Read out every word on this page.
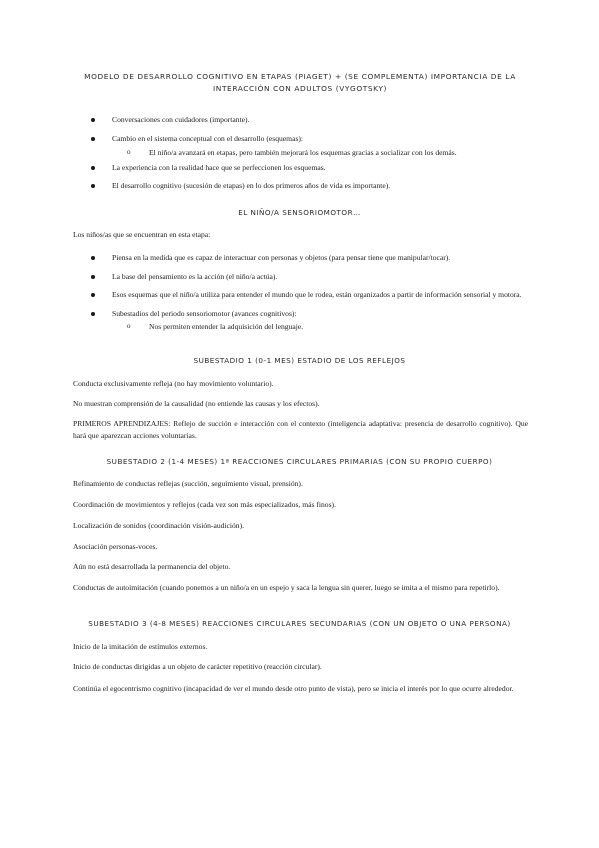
MODELO DE DESARROLLO COGNITIVO EN ETAPAS (PIAGET) + (SE COMPLEMENTA) IMPORTANCIA DE LA INTERACCIÓN CON ADULTOS (VYGOTSKY)
Conversaciones con cuidadores (importante).
Cambio en el sistema conceptual con el desarrollo (esquemas):
o El niño/a avanzará en etapas, pero también mejorará los esquemas gracias a socializar con los demás.
La experiencia con la realidad hace que se perfeccionen los esquemas.
El desarrollo cognitivo (sucesión de etapas) en lo dos primeros años de vida es importante).
EL NIÑO/A SENSORIOMOTOR…

Los niños/as que se encuentran en esta etapa:

Piensa en la medida que es capaz de interactuar con personas y objetos (para pensar tiene que manipular/tocar).
La base del pensamiento es la acción (el niño/a actúa).
Esos esquemas que el niño/a utiliza para entender el mundo que le rodea, están organizados a partir de información sensorial y motora.
Subestadios del periodo sensoriomotor (avances cognitivos):
o Nos permiten entender la adquisición del lenguaje.
SUBESTADIO 1 (0-1 MES) ESTADIO DE LOS REFLEJOS

Conducta exclusivamente refleja (no hay movimiento voluntario).

No muestran comprensión de la causalidad (no entiende las causas y los efectos).

PRIMEROS APRENDIZAJES: Reflejo de succión e interacción con el contexto (inteligencia adaptativa: presencia de desarrollo cognitivo). Que hará que aparezcan acciones voluntarias.

SUBESTADIO 2 (1-4 MESES) 1ª REACCIONES CIRCULARES PRIMARIAS (CON SU PROPIO CUERPO)

Refinamiento de conductas reflejas (succión, seguimiento visual, prensión).

Coordinación de movimientos y reflejos (cada vez son más especializados, más finos).

Localización de sonidos (coordinación visión-audición).

Asociación personas-voces.

Aún no está desarrollada la permanencia del objeto.

Conductas de autoimitación (cuando ponemos a un niño/a en un espejo y saca la lengua sin querer, luego se imita a el mismo para repetirlo).

SUBESTADIO 3 (4-8 MESES) REACCIONES CIRCULARES SECUNDARIAS (CON UN OBJETO O UNA PERSONA)

Inicio de la imitación de estímulos externos.

Inicio de conductas dirigidas a un objeto de carácter repetitivo (reacción circular).

Continúa el egocentrismo cognitivo (incapacidad de ver el mundo desde otro punto de vista), pero se inicia el interés por lo que ocurre alrededor.
